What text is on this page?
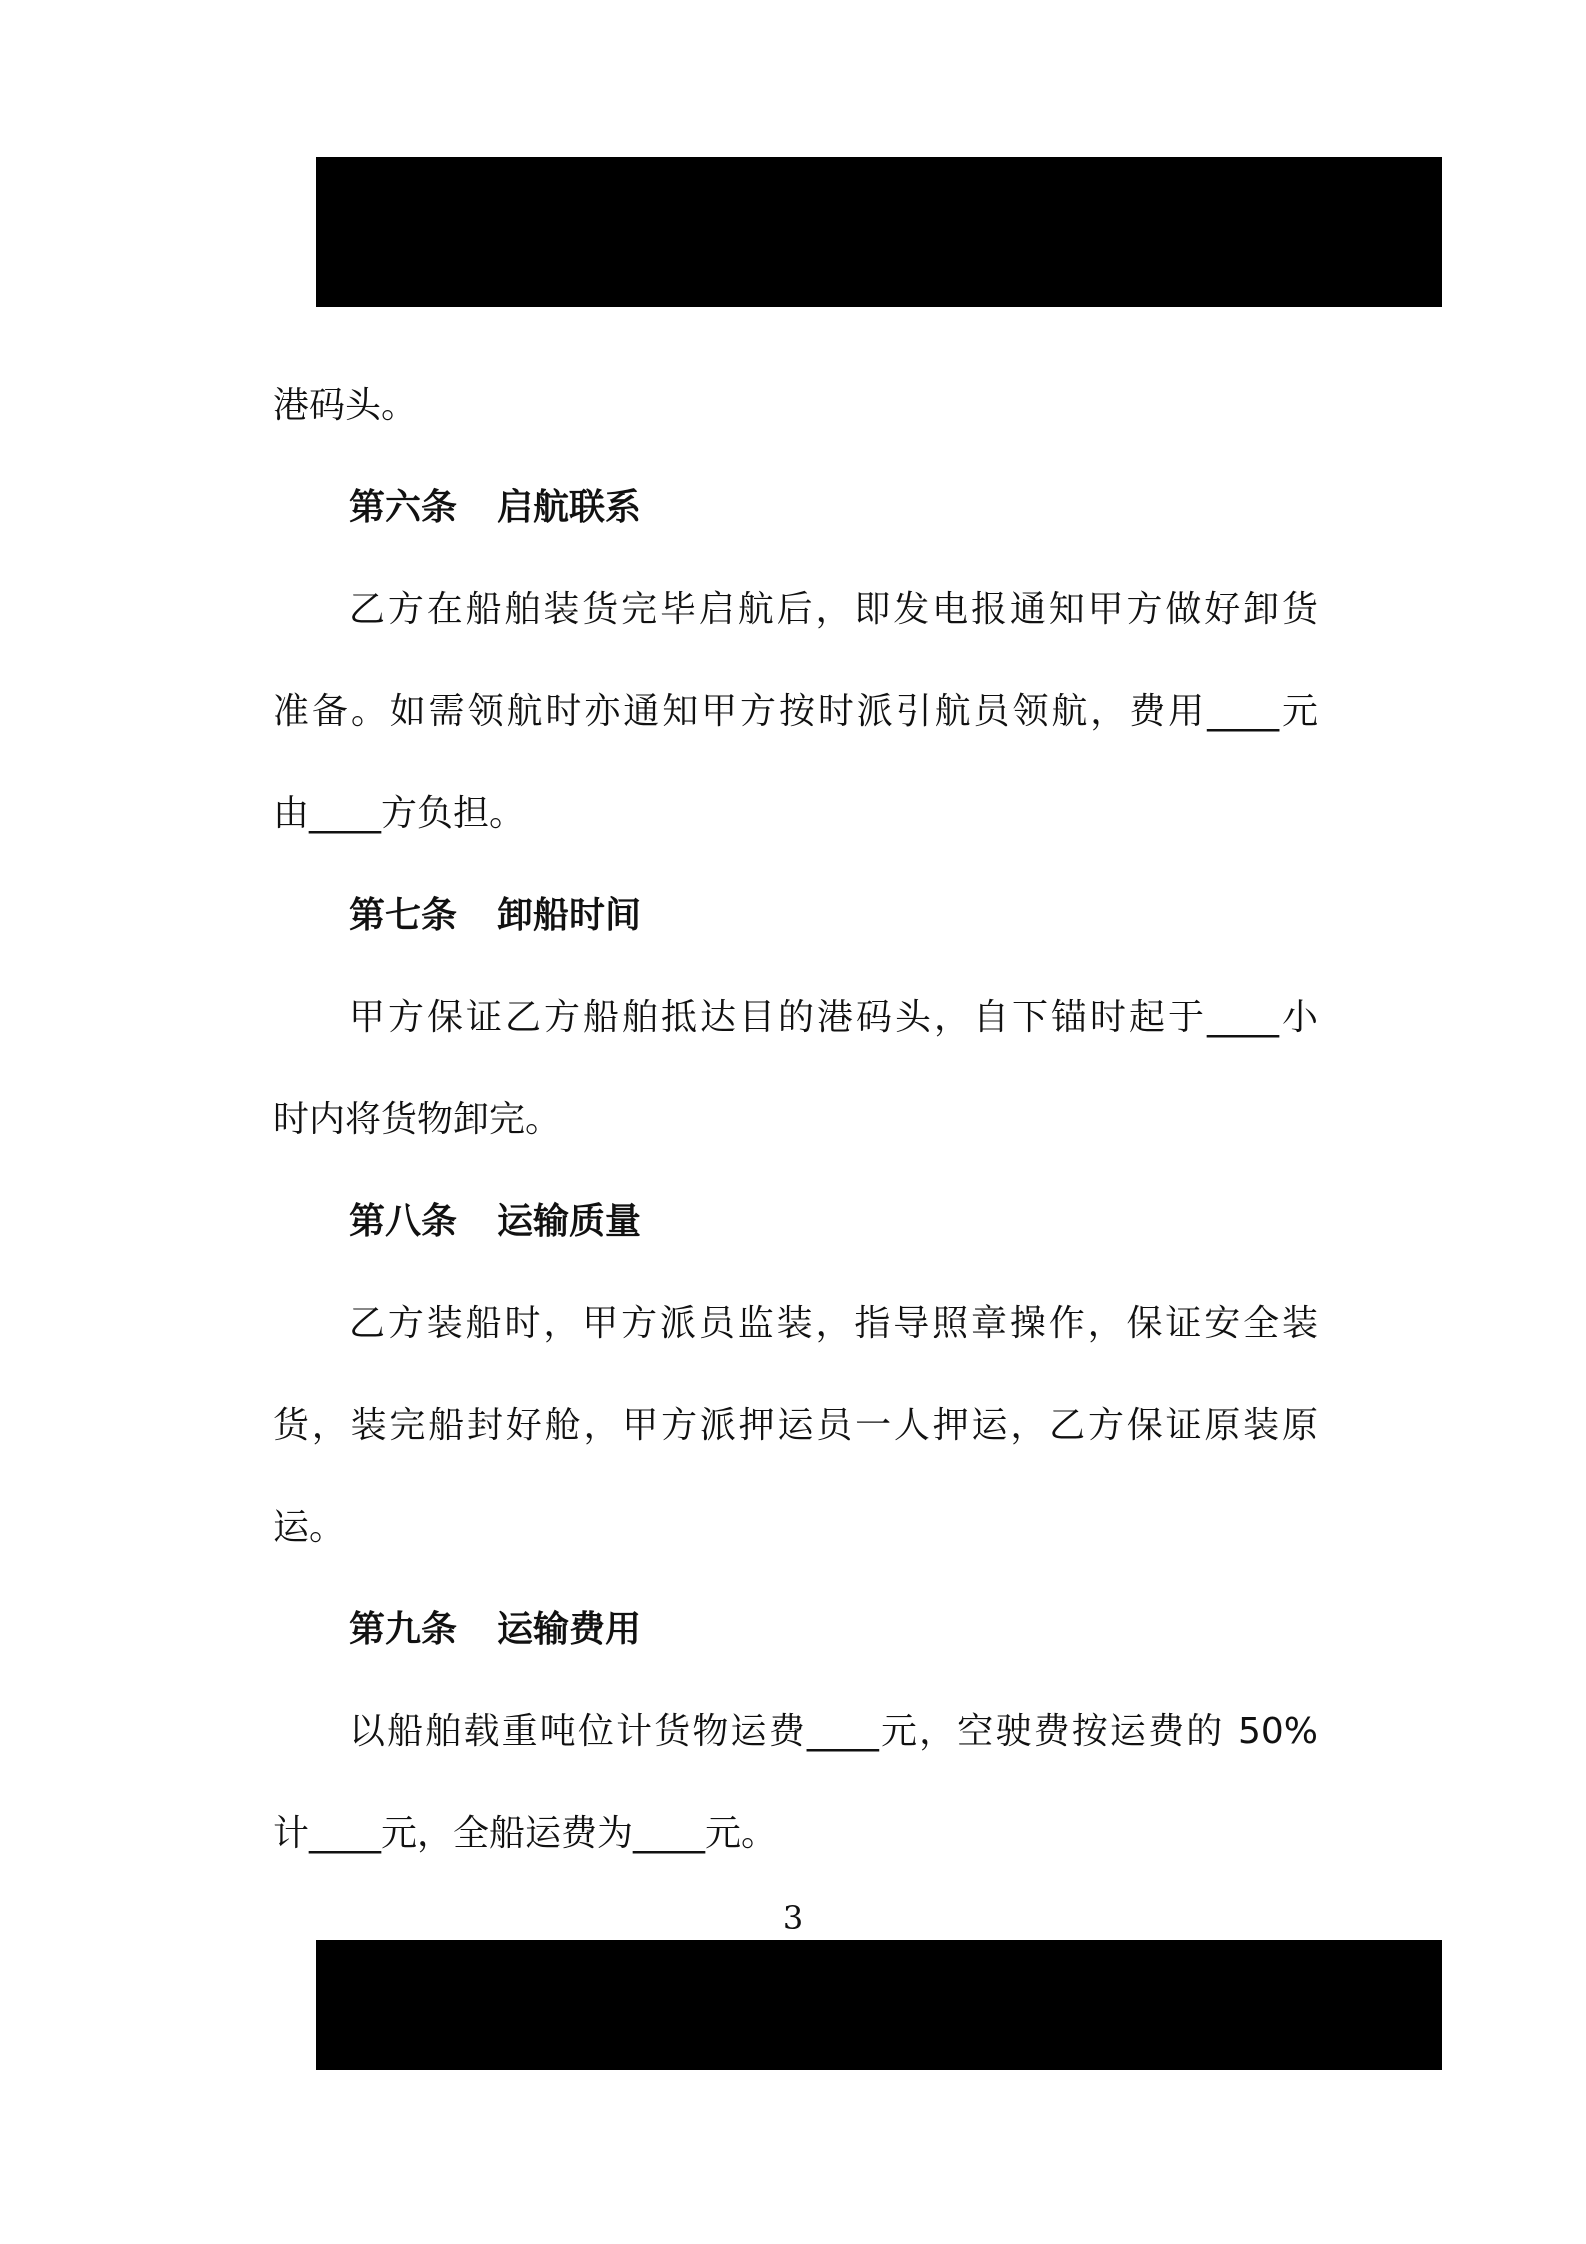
港码头。
第六条 启航联系
乙方在船舶装货完毕启航后，即发电报通知甲方做好卸货
准备。如需领航时亦通知甲方按时派引航员领航，费用____元
由____方负担。
第七条 卸船时间
甲方保证乙方船舶抵达目的港码头，自下锚时起于____小
时内将货物卸完。
第八条 运输质量
乙方装船时，甲方派员监装，指导照章操作，保证安全装
货，装完船封好舱，甲方派押运员一人押运，乙方保证原装原
运。
第九条 运输费用
以船舶载重吨位计货物运费____元，空驶费按运费的 50%
计____元，全船运费为____元。
3
